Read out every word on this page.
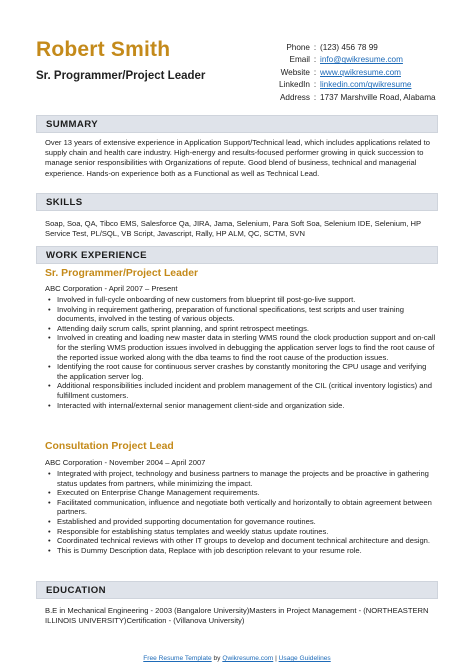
Robert Smith
Sr. Programmer/Project Leader
Phone : (123) 456 78 99
Email : info@qwikresume.com
Website : www.qwikresume.com
LinkedIn : linkedin.com/qwikresume
Address : 1737 Marshville Road, Alabama
SUMMARY
Over 13 years of extensive experience in Application Support/Technical lead, which includes applications related to supply chain and health care industry. High-energy and results-focused performer growing in quick succession to manage senior responsibilities with Organizations of repute. Good blend of business, technical and managerial experience. Hands-on experience both as a Functional as well as Technical Lead.
SKILLS
Soap, Soa, QA, Tibco EMS, Salesforce Qa, JIRA, Jama, Selenium, Para Soft Soa, Selenium IDE, Selenium, HP Service Test, PL/SQL, VB Script, Javascript, Rally, HP ALM, QC, SCTM, SVN
WORK EXPERIENCE
Sr. Programmer/Project Leader
ABC Corporation - April 2007 – Present
• Involved in full-cycle onboarding of new customers from blueprint till post-go-live support.
• Involving in requirement gathering, preparation of functional specifications, test scripts and user training documents, involved in the testing of various objects.
• Attending daily scrum calls, sprint planning, and sprint retrospect meetings.
• Involved in creating and loading new master data in sterling WMS round the clock production support and on-call for the sterling WMS production issues involved in debugging the application server logs to find the root cause of the reported issue worked along with the dba teams to find the root cause of the production issues.
• Identifying the root cause for continuous server crashes by constantly monitoring the CPU usage and verifying the application server log.
• Additional responsibilities included incident and problem management of the CIL (critical inventory logistics) and fulfillment customers.
• Interacted with internal/external senior management client-side and organization side.
Consultation Project Lead
ABC Corporation - November 2004 – April 2007
• Integrated with project, technology and business partners to manage the projects and be proactive in gathering status updates from partners, while minimizing the impact.
• Executed on Enterprise Change Management requirements.
• Facilitated communication, influence and negotiate both vertically and horizontally to obtain agreement between partners.
• Established and provided supporting documentation for governance routines.
• Responsible for establishing status templates and weekly status update routines.
• Coordinated technical reviews with other IT groups to develop and document technical architecture and design.
• This is Dummy Description data, Replace with job description relevant to your resume role.
EDUCATION
B.E in Mechanical Engineering - 2003 (Bangalore University)Masters in Project Management - (NORTHEASTERN ILLINOIS UNIVERSITY)Certification - (Villanova University)
Free Resume Template by Qwikresume.com | Usage Guidelines
